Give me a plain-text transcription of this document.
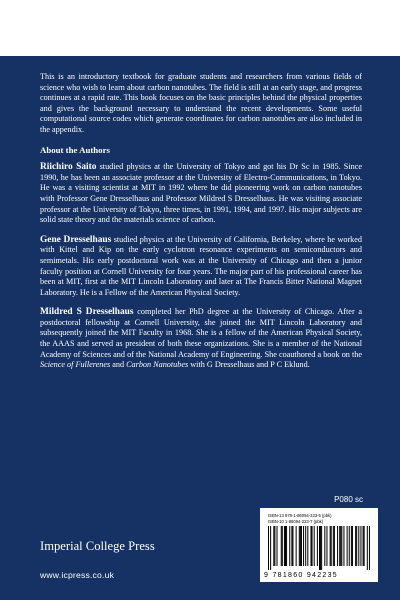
This is an introductory textbook for graduate students and researchers from various fields of science who wish to learn about carbon nanotubes. The field is still at an early stage, and progress continues at a rapid rate. This book focuses on the basic principles behind the physical properties and gives the background necessary to understand the recent developments. Some useful computational source codes which generate coordinates for carbon nanotubes are also included in the appendix.

About the Authors

Riichiro Saito studied physics at the University of Tokyo and got his Dr Sc in 1985. Since 1990, he has been an associate professor at the University of Electro-Communications, in Tokyo. He was a visiting scientist at MIT in 1992 where he did pioneering work on carbon nanotubes with Professor Gene Dresselhaus and Professor Mildred S Dresselhaus. He was visiting associate professor at the University of Tokyo, three times, in 1991, 1994, and 1997. His major subjects are solid state theory and the materials science of carbon.

Gene Dresselhaus studied physics at the University of California, Berkeley, where he worked with Kittel and Kip on the early cyclotron resonance experiments on semiconductors and semimetals. His early postdoctoral work was at the University of Chicago and then a junior faculty position at Cornell University for four years. The major part of his professional career has been at MIT, first at the MIT Lincoln Laboratory and later at The Francis Bitter National Magnet Laboratory. He is a Fellow of the American Physical Society.

Mildred S Dresselhaus completed her PhD degree at the University of Chicago. After a postdoctoral fellowship at Cornell University, she joined the MIT Lincoln Laboratory and subsequently joined the MIT Faculty in 1968. She is a fellow of the American Physical Society, the AAAS and served as president of both these organizations. She is a member of the National Academy of Sciences and of the National Academy of Engineering. She coauthored a book on the Science of Fullerenes and Carbon Nanotubes with G Dresselhaus and P C Eklund.

P080 sc
Imperial College Press
www.icpress.co.uk
ISBN-13 978-1-86094-223-5 (pbk)
ISBN-10 1-86094-223-7 (pbk)
9 781860 942235
